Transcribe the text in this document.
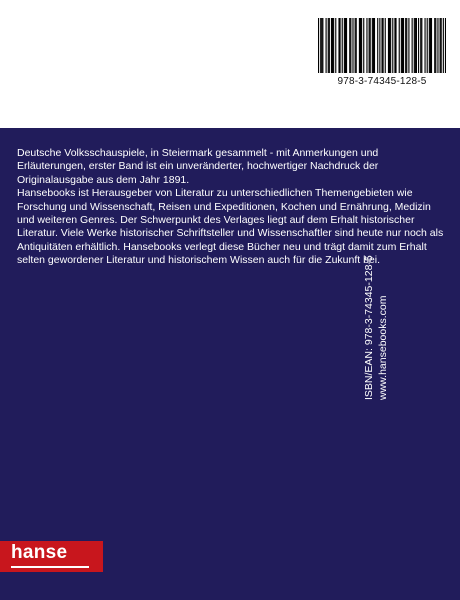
978-3-74345-128-5

Deutsche Volksschauspiele, in Steiermark gesammelt - mit Anmerkungen und Erläuterungen, erster Band ist ein unveränderter, hochwertiger Nachdruck der Originalausgabe aus dem Jahr 1891.

Hansebooks ist Herausgeber von Literatur zu unterschiedlichen Themengebieten wie Forschung und Wissenschaft, Reisen und Expeditionen, Kochen und Ernährung, Medizin und weiteren Genres. Der Schwerpunkt des Verlages liegt auf dem Erhalt historischer Literatur. Viele Werke historischer Schriftsteller und Wissenschaftler sind heute nur noch als Antiquitäten erhältlich. Hansebooks verlegt diese Bücher neu und trägt damit zum Erhalt selten gewordener Literatur und historischem Wissen auch für die Zukunft bei.

ISBN/EAN: 978-3-74345-128-5 www.hansebooks.com
hanse
